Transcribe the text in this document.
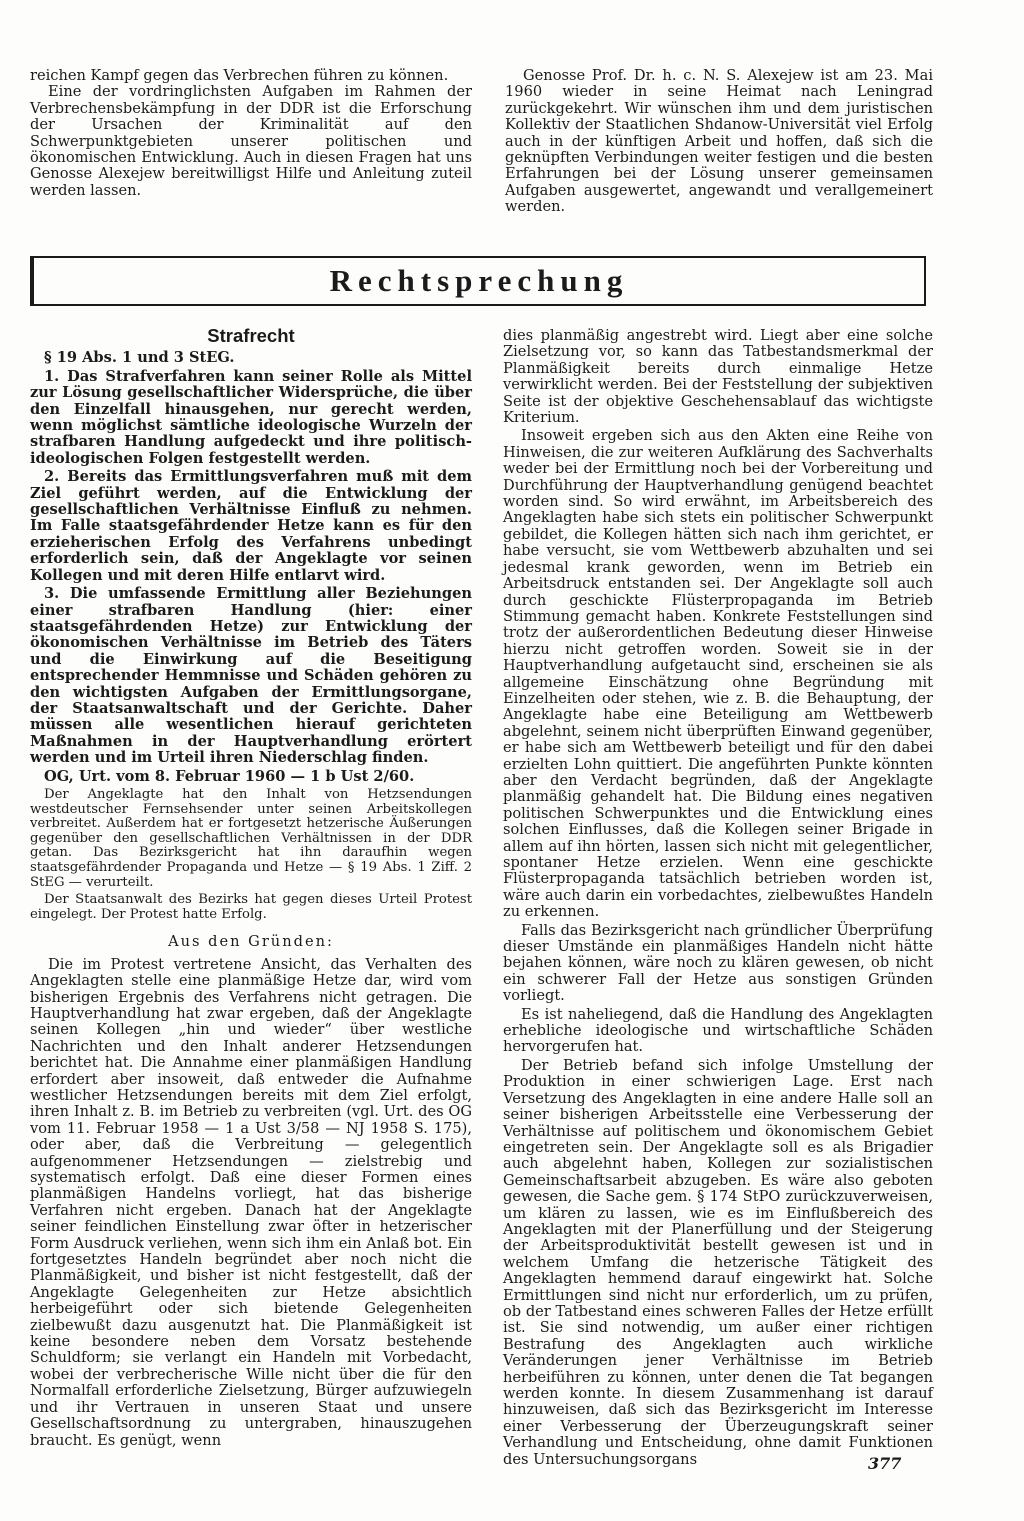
reichen Kampf gegen das Verbrechen führen zu können.

Eine der vordringlichsten Aufgaben im Rahmen der Verbrechensbekämpfung in der DDR ist die Erforschung der Ursachen der Kriminalität auf den Schwerpunktgebieten unserer politischen und ökonomischen Entwicklung. Auch in diesen Fragen hat uns Genosse Alexejew bereitwilligst Hilfe und Anleitung zuteil werden lassen.

Genosse Prof. Dr. h. c. N. S. Alexejew ist am 23. Mai 1960 wieder in seine Heimat nach Leningrad zurückgekehrt. Wir wünschen ihm und dem juristischen Kollektiv der Staatlichen Shdanow-Universität viel Erfolg auch in der künftigen Arbeit und hoffen, daß sich die geknüpften Verbindungen weiter festigen und die besten Erfahrungen bei der Lösung unserer gemeinsamen Aufgaben ausgewertet, angewandt und verallgemeinert werden.

Rechtsprechung
Strafrecht
§ 19 Abs. 1 und 3 StEG.
1. Das Strafverfahren kann seiner Rolle als Mittel zur Lösung gesellschaftlicher Widersprüche, die über den Einzelfall hinausgehen, nur gerecht werden, wenn möglichst sämtliche ideologische Wurzeln der strafbaren Handlung aufgedeckt und ihre politisch-ideologischen Folgen festgestellt werden.
2. Bereits das Ermittlungsverfahren muß mit dem Ziel geführt werden, auf die Entwicklung der gesellschaftlichen Verhältnisse Einfluß zu nehmen. Im Falle staatsgefährdender Hetze kann es für den erzieherischen Erfolg des Verfahrens unbedingt erforderlich sein, daß der Angeklagte vor seinen Kollegen und mit deren Hilfe entlarvt wird.
3. Die umfassende Ermittlung aller Beziehungen einer strafbaren Handlung (hier: einer staatsgefährdenden Hetze) zur Entwicklung der ökonomischen Verhältnisse im Betrieb des Täters und die Einwirkung auf die Beseitigung entsprechender Hemmnisse und Schäden gehören zu den wichtigsten Aufgaben der Ermittlungsorgane, der Staatsanwaltschaft und der Gerichte. Daher müssen alle wesentlichen hierauf gerichteten Maßnahmen in der Hauptverhandlung erörtert werden und im Urteil ihren Niederschlag finden.
OG, Urt. vom 8. Februar 1960 — 1 b Ust 2/60.

Der Angeklagte hat den Inhalt von Hetzsendungen westdeutscher Fernsehsender unter seinen Arbeitskollegen verbreitet. Außerdem hat er fortgesetzt hetzerische Äußerungen gegenüber den gesellschaftlichen Verhältnissen in der DDR getan. Das Bezirksgericht hat ihn daraufhin wegen staatsgefährdender Propaganda und Hetze — § 19 Abs. 1 Ziff. 2 StEG — verurteilt.

Der Staatsanwalt des Bezirks hat gegen dieses Urteil Protest eingelegt. Der Protest hatte Erfolg.

Aus den Gründen:

Die im Protest vertretene Ansicht, das Verhalten des Angeklagten stelle eine planmäßige Hetze dar, wird vom bisherigen Ergebnis des Verfahrens nicht getragen. Die Hauptverhandlung hat zwar ergeben, daß der Angeklagte seinen Kollegen „hin und wieder“ über westliche Nachrichten und den Inhalt anderer Hetzsendungen berichtet hat. Die Annahme einer planmäßigen Handlung erfordert aber insoweit, daß entweder die Aufnahme westlicher Hetzsendungen bereits mit dem Ziel erfolgt, ihren Inhalt z. B. im Betrieb zu verbreiten (vgl. Urt. des OG vom 11. Februar 1958 — 1 a Ust 3/58 — NJ 1958 S. 175), oder aber, daß die Verbreitung — gelegentlich aufgenommener Hetzsendungen — zielstrebig und systematisch erfolgt. Daß eine dieser Formen eines planmäßigen Handelns vorliegt, hat das bisherige Verfahren nicht ergeben. Danach hat der Angeklagte seiner feindlichen Einstellung zwar öfter in hetzerischer Form Ausdruck verliehen, wenn sich ihm ein Anlaß bot. Ein fortgesetztes Handeln begründet aber noch nicht die Planmäßigkeit, und bisher ist nicht festgestellt, daß der Angeklagte Gelegenheiten zur Hetze absichtlich herbeigeführt oder sich bietende Gelegenheiten zielbewußt dazu ausgenutzt hat. Die Planmäßigkeit ist keine besondere neben dem Vorsatz bestehende Schuldform; sie verlangt ein Handeln mit Vorbedacht, wobei der verbrecherische Wille nicht über die für den Normalfall erforderliche Zielsetzung, Bürger aufzuwiegeln und ihr Vertrauen in unseren Staat und unsere Gesellschaftsordnung zu untergraben, hinauszugehen braucht. Es genügt, wenn

dies planmäßig angestrebt wird. Liegt aber eine solche Zielsetzung vor, so kann das Tatbestandsmerkmal der Planmäßigkeit bereits durch einmalige Hetze verwirklicht werden. Bei der Feststellung der subjektiven Seite ist der objektive Geschehensablauf das wichtigste Kriterium.

Insoweit ergeben sich aus den Akten eine Reihe von Hinweisen, die zur weiteren Aufklärung des Sachverhalts weder bei der Ermittlung noch bei der Vorbereitung und Durchführung der Hauptverhandlung genügend beachtet worden sind. So wird erwähnt, im Arbeitsbereich des Angeklagten habe sich stets ein politischer Schwerpunkt gebildet, die Kollegen hätten sich nach ihm gerichtet, er habe versucht, sie vom Wettbewerb abzuhalten und sei jedesmal krank geworden, wenn im Betrieb ein Arbeitsdruck entstanden sei. Der Angeklagte soll auch durch geschickte Flüsterpropaganda im Betrieb Stimmung gemacht haben. Konkrete Feststellungen sind trotz der außerordentlichen Bedeutung dieser Hinweise hierzu nicht getroffen worden. Soweit sie in der Hauptverhandlung aufgetaucht sind, erscheinen sie als allgemeine Einschätzung ohne Begründung mit Einzelheiten oder stehen, wie z. B. die Behauptung, der Angeklagte habe eine Beteiligung am Wettbewerb abgelehnt, seinem nicht überprüften Einwand gegenüber, er habe sich am Wettbewerb beteiligt und für den dabei erzielten Lohn quittiert. Die angeführten Punkte könnten aber den Verdacht begründen, daß der Angeklagte planmäßig gehandelt hat. Die Bildung eines negativen politischen Schwerpunktes und die Entwicklung eines solchen Einflusses, daß die Kollegen seiner Brigade in allem auf ihn hörten, lassen sich nicht mit gelegentlicher, spontaner Hetze erzielen. Wenn eine geschickte Flüsterpropaganda tatsächlich betrieben worden ist, wäre auch darin ein vorbedachtes, zielbewußtes Handeln zu erkennen.

Falls das Bezirksgericht nach gründlicher Überprüfung dieser Umstände ein planmäßiges Handeln nicht hätte bejahen können, wäre noch zu klären gewesen, ob nicht ein schwerer Fall der Hetze aus sonstigen Gründen vorliegt.

Es ist naheliegend, daß die Handlung des Angeklagten erhebliche ideologische und wirtschaftliche Schäden hervorgerufen hat.

Der Betrieb befand sich infolge Umstellung der Produktion in einer schwierigen Lage. Erst nach Versetzung des Angeklagten in eine andere Halle soll an seiner bisherigen Arbeitsstelle eine Verbesserung der Verhältnisse auf politischem und ökonomischem Gebiet eingetreten sein. Der Angeklagte soll es als Brigadier auch abgelehnt haben, Kollegen zur sozialistischen Gemeinschaftsarbeit abzugeben. Es wäre also geboten gewesen, die Sache gem. § 174 StPO zurückzuverweisen, um klären zu lassen, wie es im Einflußbereich des Angeklagten mit der Planerfüllung und der Steigerung der Arbeitsproduktivität bestellt gewesen ist und in welchem Umfang die hetzerische Tätigkeit des Angeklagten hemmend darauf eingewirkt hat. Solche Ermittlungen sind nicht nur erforderlich, um zu prüfen, ob der Tatbestand eines schweren Falles der Hetze erfüllt ist. Sie sind notwendig, um außer einer richtigen Bestrafung des Angeklagten auch wirkliche Veränderungen jener Verhältnisse im Betrieb herbeiführen zu können, unter denen die Tat begangen werden konnte. In diesem Zusammenhang ist darauf hinzuweisen, daß sich das Bezirksgericht im Interesse einer Verbesserung der Überzeugungskraft seiner Verhandlung und Entscheidung, ohne damit Funktionen des Untersuchungsorgans	377
